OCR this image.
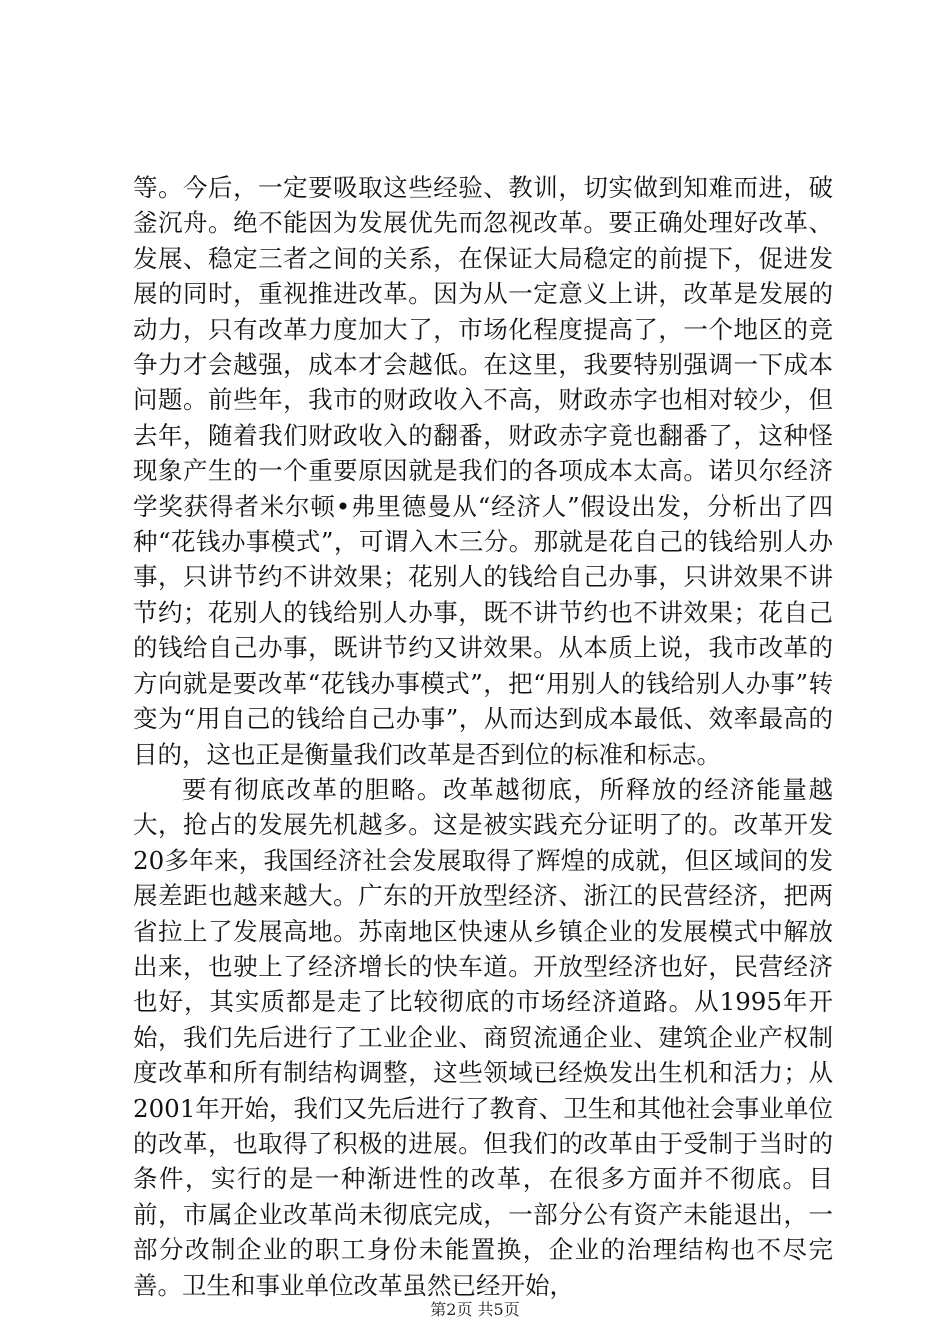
等。今后，一定要吸取这些经验、教训，切实做到知难而进，破釜沉舟。绝不能因为发展优先而忽视改革。要正确处理好改革、发展、稳定三者之间的关系，在保证大局稳定的前提下，促进发展的同时，重视推进改革。因为从一定意义上讲，改革是发展的动力，只有改革力度加大了，市场化程度提高了，一个地区的竞争力才会越强，成本才会越低。在这里，我要特别强调一下成本问题。前些年，我市的财政收入不高，财政赤字也相对较少，但去年，随着我们财政收入的翻番，财政赤字竟也翻番了，这种怪现象产生的一个重要原因就是我们的各项成本太高。诺贝尔经济学奖获得者米尔顿•弗里德曼从“经济人”假设出发，分析出了四种“花钱办事模式”，可谓入木三分。那就是花自己的钱给别人办事，只讲节约不讲效果；花别人的钱给自己办事，只讲效果不讲节约；花别人的钱给别人办事，既不讲节约也不讲效果；花自己的钱给自己办事，既讲节约又讲效果。从本质上说，我市改革的方向就是要改革“花钱办事模式”，把“用别人的钱给别人办事”转变为“用自己的钱给自己办事”，从而达到成本最低、效率最高的目的，这也正是衡量我们改革是否到位的标准和标志。

要有彻底改革的胆略。改革越彻底，所释放的经济能量越大，抢占的发展先机越多。这是被实践充分证明了的。改革开发20多年来，我国经济社会发展取得了辉煌的成就，但区域间的发展差距也越来越大。广东的开放型经济、浙江的民营经济，把两省拉上了发展高地。苏南地区快速从乡镇企业的发展模式中解放出来，也驶上了经济增长的快车道。开放型经济也好，民营经济也好，其实质都是走了比较彻底的市场经济道路。从1995年开始，我们先后进行了工业企业、商贸流通企业、建筑企业产权制度改革和所有制结构调整，这些领域已经焕发出生机和活力；从2001年开始，我们又先后进行了教育、卫生和其他社会事业单位的改革，也取得了积极的进展。但我们的改革由于受制于当时的条件，实行的是一种渐进性的改革，在很多方面并不彻底。目前，市属企业改革尚未彻底完成，一部分公有资产未能退出，一部分改制企业的职工身份未能置换，企业的治理结构也不尽完善。卫生和事业单位改革虽然已经开始，

第2页 共5页
